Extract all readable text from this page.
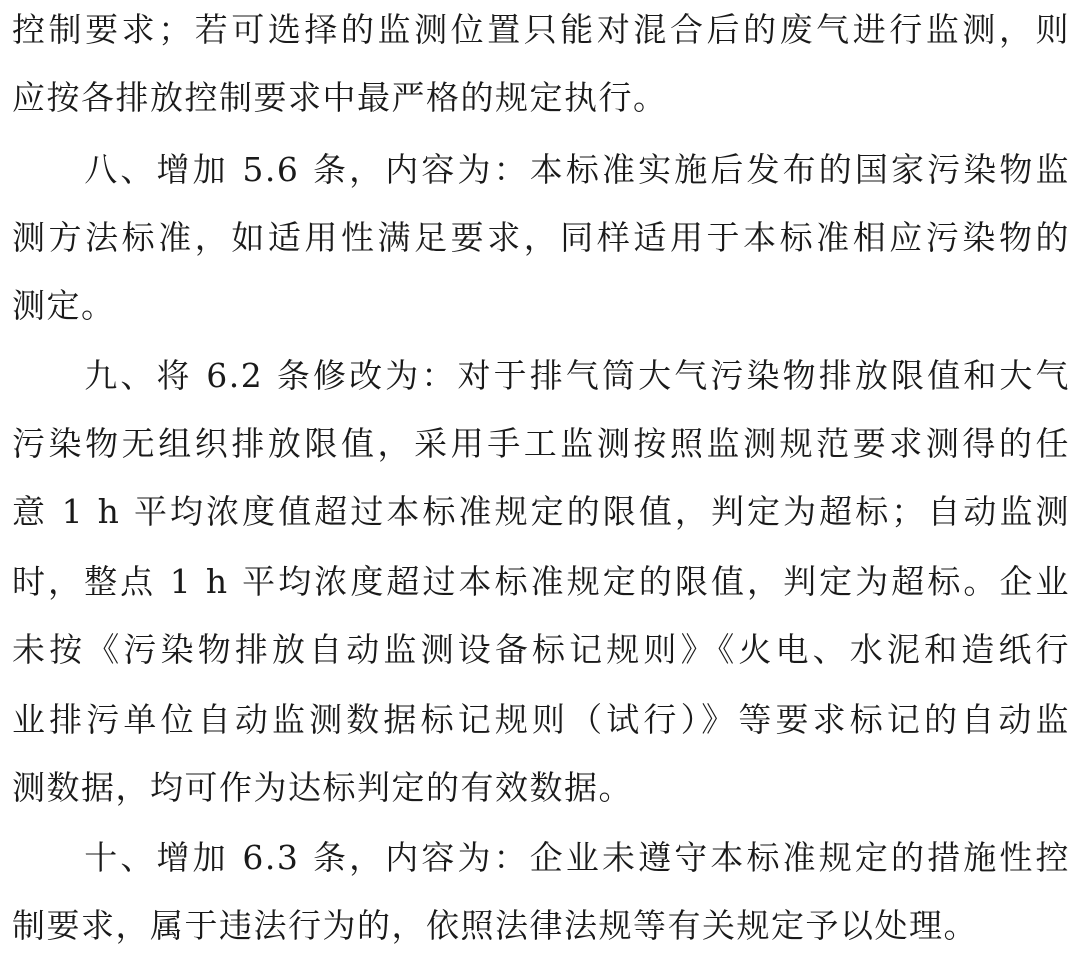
控制要求；若可选择的监测位置只能对混合后的废气进行监测，则
应按各排放控制要求中最严格的规定执行。
　　八、增加 5.6 条，内容为：本标准实施后发布的国家污染物监
测方法标准，如适用性满足要求，同样适用于本标准相应污染物的
测定。
　　九、将 6.2 条修改为：对于排气筒大气污染物排放限值和大气
污染物无组织排放限值，采用手工监测按照监测规范要求测得的任
意 1 h 平均浓度值超过本标准规定的限值，判定为超标；自动监测
时，整点 1 h 平均浓度超过本标准规定的限值，判定为超标。企业
未按《污染物排放自动监测设备标记规则》《火电、水泥和造纸行
业排污单位自动监测数据标记规则（试行）》等要求标记的自动监
测数据，均可作为达标判定的有效数据。
　　十、增加 6.3 条，内容为：企业未遵守本标准规定的措施性控
制要求，属于违法行为的，依照法律法规等有关规定予以处理。
